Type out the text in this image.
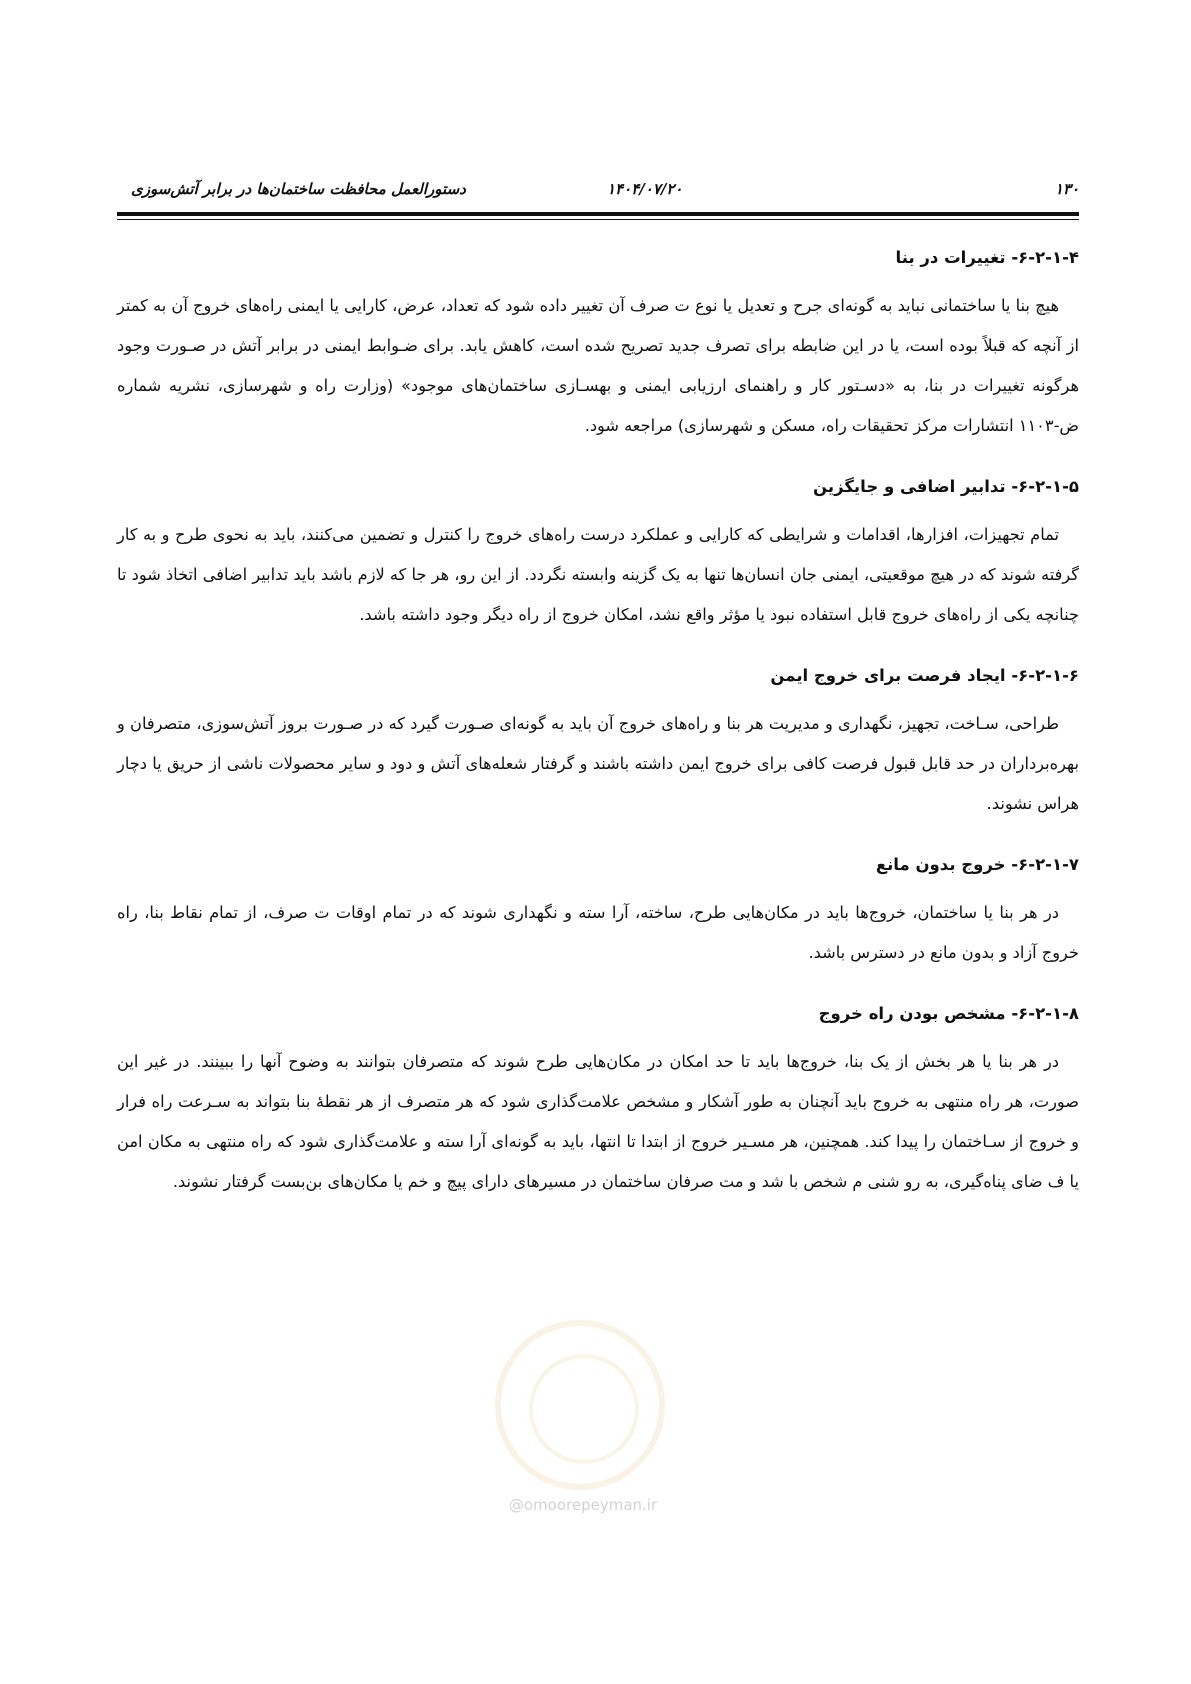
۱۳۰
۱۴۰۴/۰۷/۲۰
دستورالعمل محافظت ساختمان‌ها در برابر آتش‌سوزی
۶-۲-۱-۴- تغییرات در بنا

هیچ بنا یا ساختمانی نباید به گونه‌ای جرح و تعدیل یا نوع ت صرف آن تغییر داده شود که تعداد، عرض، کارایی یا ایمنی راه‌های خروج آن به کمتر از آنچه که قبلاً بوده است، یا در این ضابطه برای تصرف جدید تصریح شده است، کاهش یابد. برای ضـوابط ایمنی در برابر آتش در صـورت وجود هرگونه تغییرات در بنا، به «دسـتور کار و راهنمای ارزیابی ایمنی و بهسـازی ساختمان‌های موجود» (وزارت راه و شهرسازی، نشریه شماره ض-۱۱۰۳ انتشارات مرکز تحقیقات راه، مسکن و شهرسازی) مراجعه شود.

۶-۲-۱-۵- تدابیر اضافی و جایگزین

تمام تجهیزات، افزارها، اقدامات و شرایطی که کارایی و عملکرد درست راه‌های خروج را کنترل و تضمین می‌کنند، باید به نحوی طرح و به کار گرفته شوند که در هیچ موقعیتی، ایمنی جان انسان‌ها تنها به یک گزینه وابسته نگردد. از این رو، هر جا که لازم باشد باید تدابیر اضافی اتخاذ شود تا چنانچه یکی از راه‌های خروج قابل استفاده نبود یا مؤثر واقع نشد، امکان خروج از راه دیگر وجود داشته باشد.

۶-۲-۱-۶- ایجاد فرصت برای خروج ایمن

طراحی، سـاخت، تجهیز، نگهداری و مدیریت هر بنا و راه‌های خروج آن باید به گونه‌ای صـورت گیرد که در صـورت بروز آتش‌سوزی، متصرفان و بهره‌برداران در حد قابل قبول فرصت کافی برای خروج ایمن داشته باشند و گرفتار شعله‌های آتش و دود و سایر محصولات ناشی از حریق یا دچار هراس نشوند.

۶-۲-۱-۷- خروج بدون مانع

در هر بنا یا ساختمان، خروج‌ها باید در مکان‌هایی طرح، ساخته، آرا سته و نگهداری شوند که در تمام اوقات ت صرف، از تمام نقاط بنا، راه خروج آزاد و بدون مانع در دسترس باشد.

۶-۲-۱-۸- مشخص بودن راه خروج

در هر بنا یا هر بخش از یک بنا، خروج‌ها باید تا حد امکان در مکان‌هایی طرح شوند که متصرفان بتوانند به وضوح آنها را ببینند. در غیر این صورت، هر راه منتهی به خروج باید آنچنان به طور آشکار و مشخص علامت‌گذاری شود که هر متصرف از هر نقطۀ بنا بتواند به سـرعت راه فرار و خروج از سـاختمان را پیدا کند. همچنین، هر مسـیر خروج از ابتدا تا انتها، باید به گونه‌ای آرا سته و علامت‌گذاری شود که راه منتهی به مکان امن یا ف ضای پناه‌گیری، به رو شنی م شخص با شد و مت صرفان ساختمان در مسیرهای دارای پیچ و خم یا مکان‌های بن‌بست گرفتار نشوند.

@omoorepeyman.ir
